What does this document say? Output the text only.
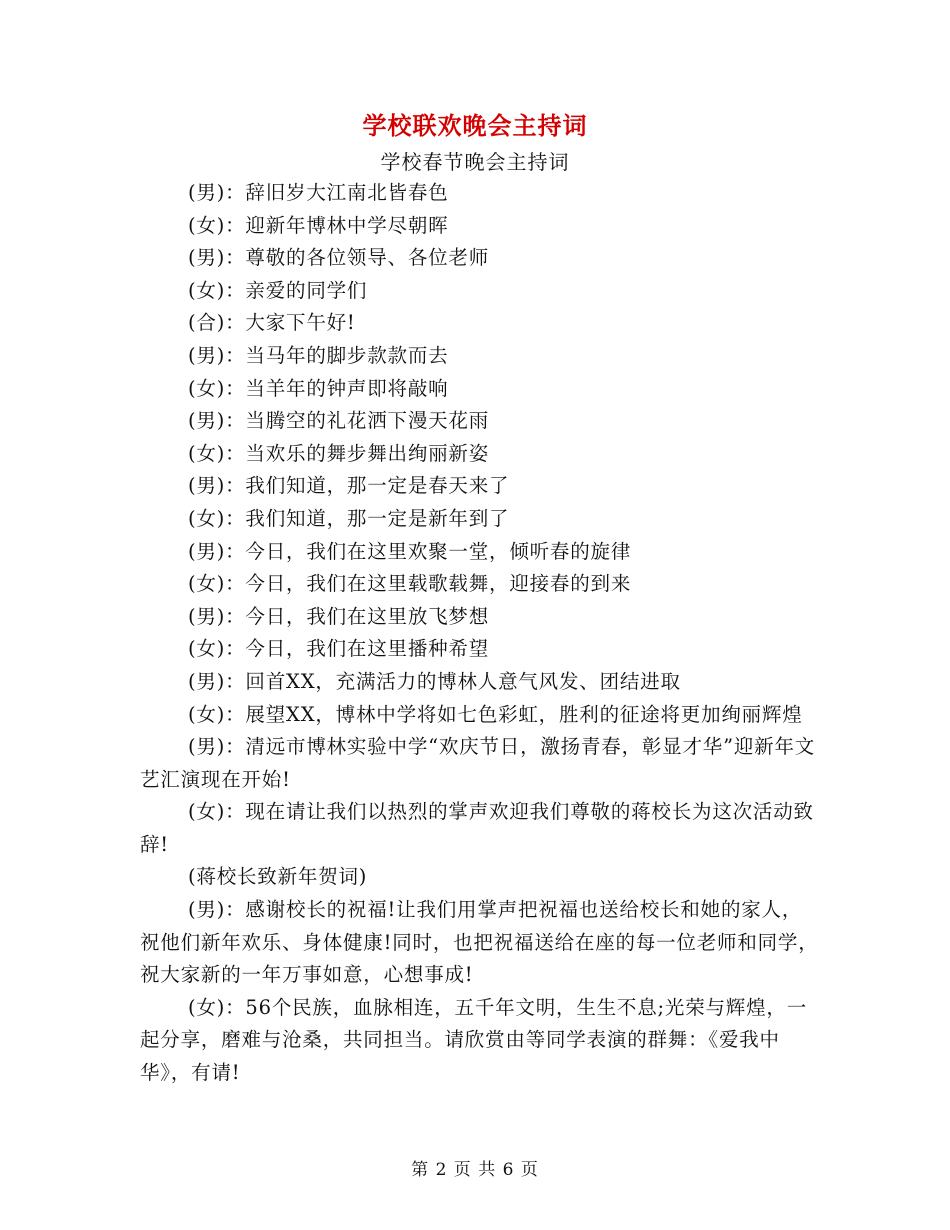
学校联欢晚会主持词
学校春节晚会主持词

(男)：辞旧岁大江南北皆春色

(女)：迎新年博林中学尽朝晖

(男)：尊敬的各位领导、各位老师

(女)：亲爱的同学们

(合)：大家下午好!

(男)：当马年的脚步款款而去

(女)：当羊年的钟声即将敲响

(男)：当腾空的礼花洒下漫天花雨

(女)：当欢乐的舞步舞出绚丽新姿

(男)：我们知道，那一定是春天来了

(女)：我们知道，那一定是新年到了

(男)：今日，我们在这里欢聚一堂，倾听春的旋律

(女)：今日，我们在这里载歌载舞，迎接春的到来

(男)：今日，我们在这里放飞梦想

(女)：今日，我们在这里播种希望

(男)：回首XX，充满活力的博林人意气风发、团结进取

(女)：展望XX，博林中学将如七色彩虹，胜利的征途将更加绚丽辉煌

(男)：清远市博林实验中学“欢庆节日，激扬青春，彰显才华”迎新年文艺汇演现在开始!

(女)：现在请让我们以热烈的掌声欢迎我们尊敬的蒋校长为这次活动致辞!

(蒋校长致新年贺词)

(男)：感谢校长的祝福!让我们用掌声把祝福也送给校长和她的家人，祝他们新年欢乐、身体健康!同时，也把祝福送给在座的每一位老师和同学，祝大家新的一年万事如意，心想事成!

(女)：56个民族，血脉相连，五千年文明，生生不息;光荣与辉煌，一起分享，磨难与沧桑，共同担当。请欣赏由等同学表演的群舞：《爱我中华》，有请!

第 2 页 共 6 页
